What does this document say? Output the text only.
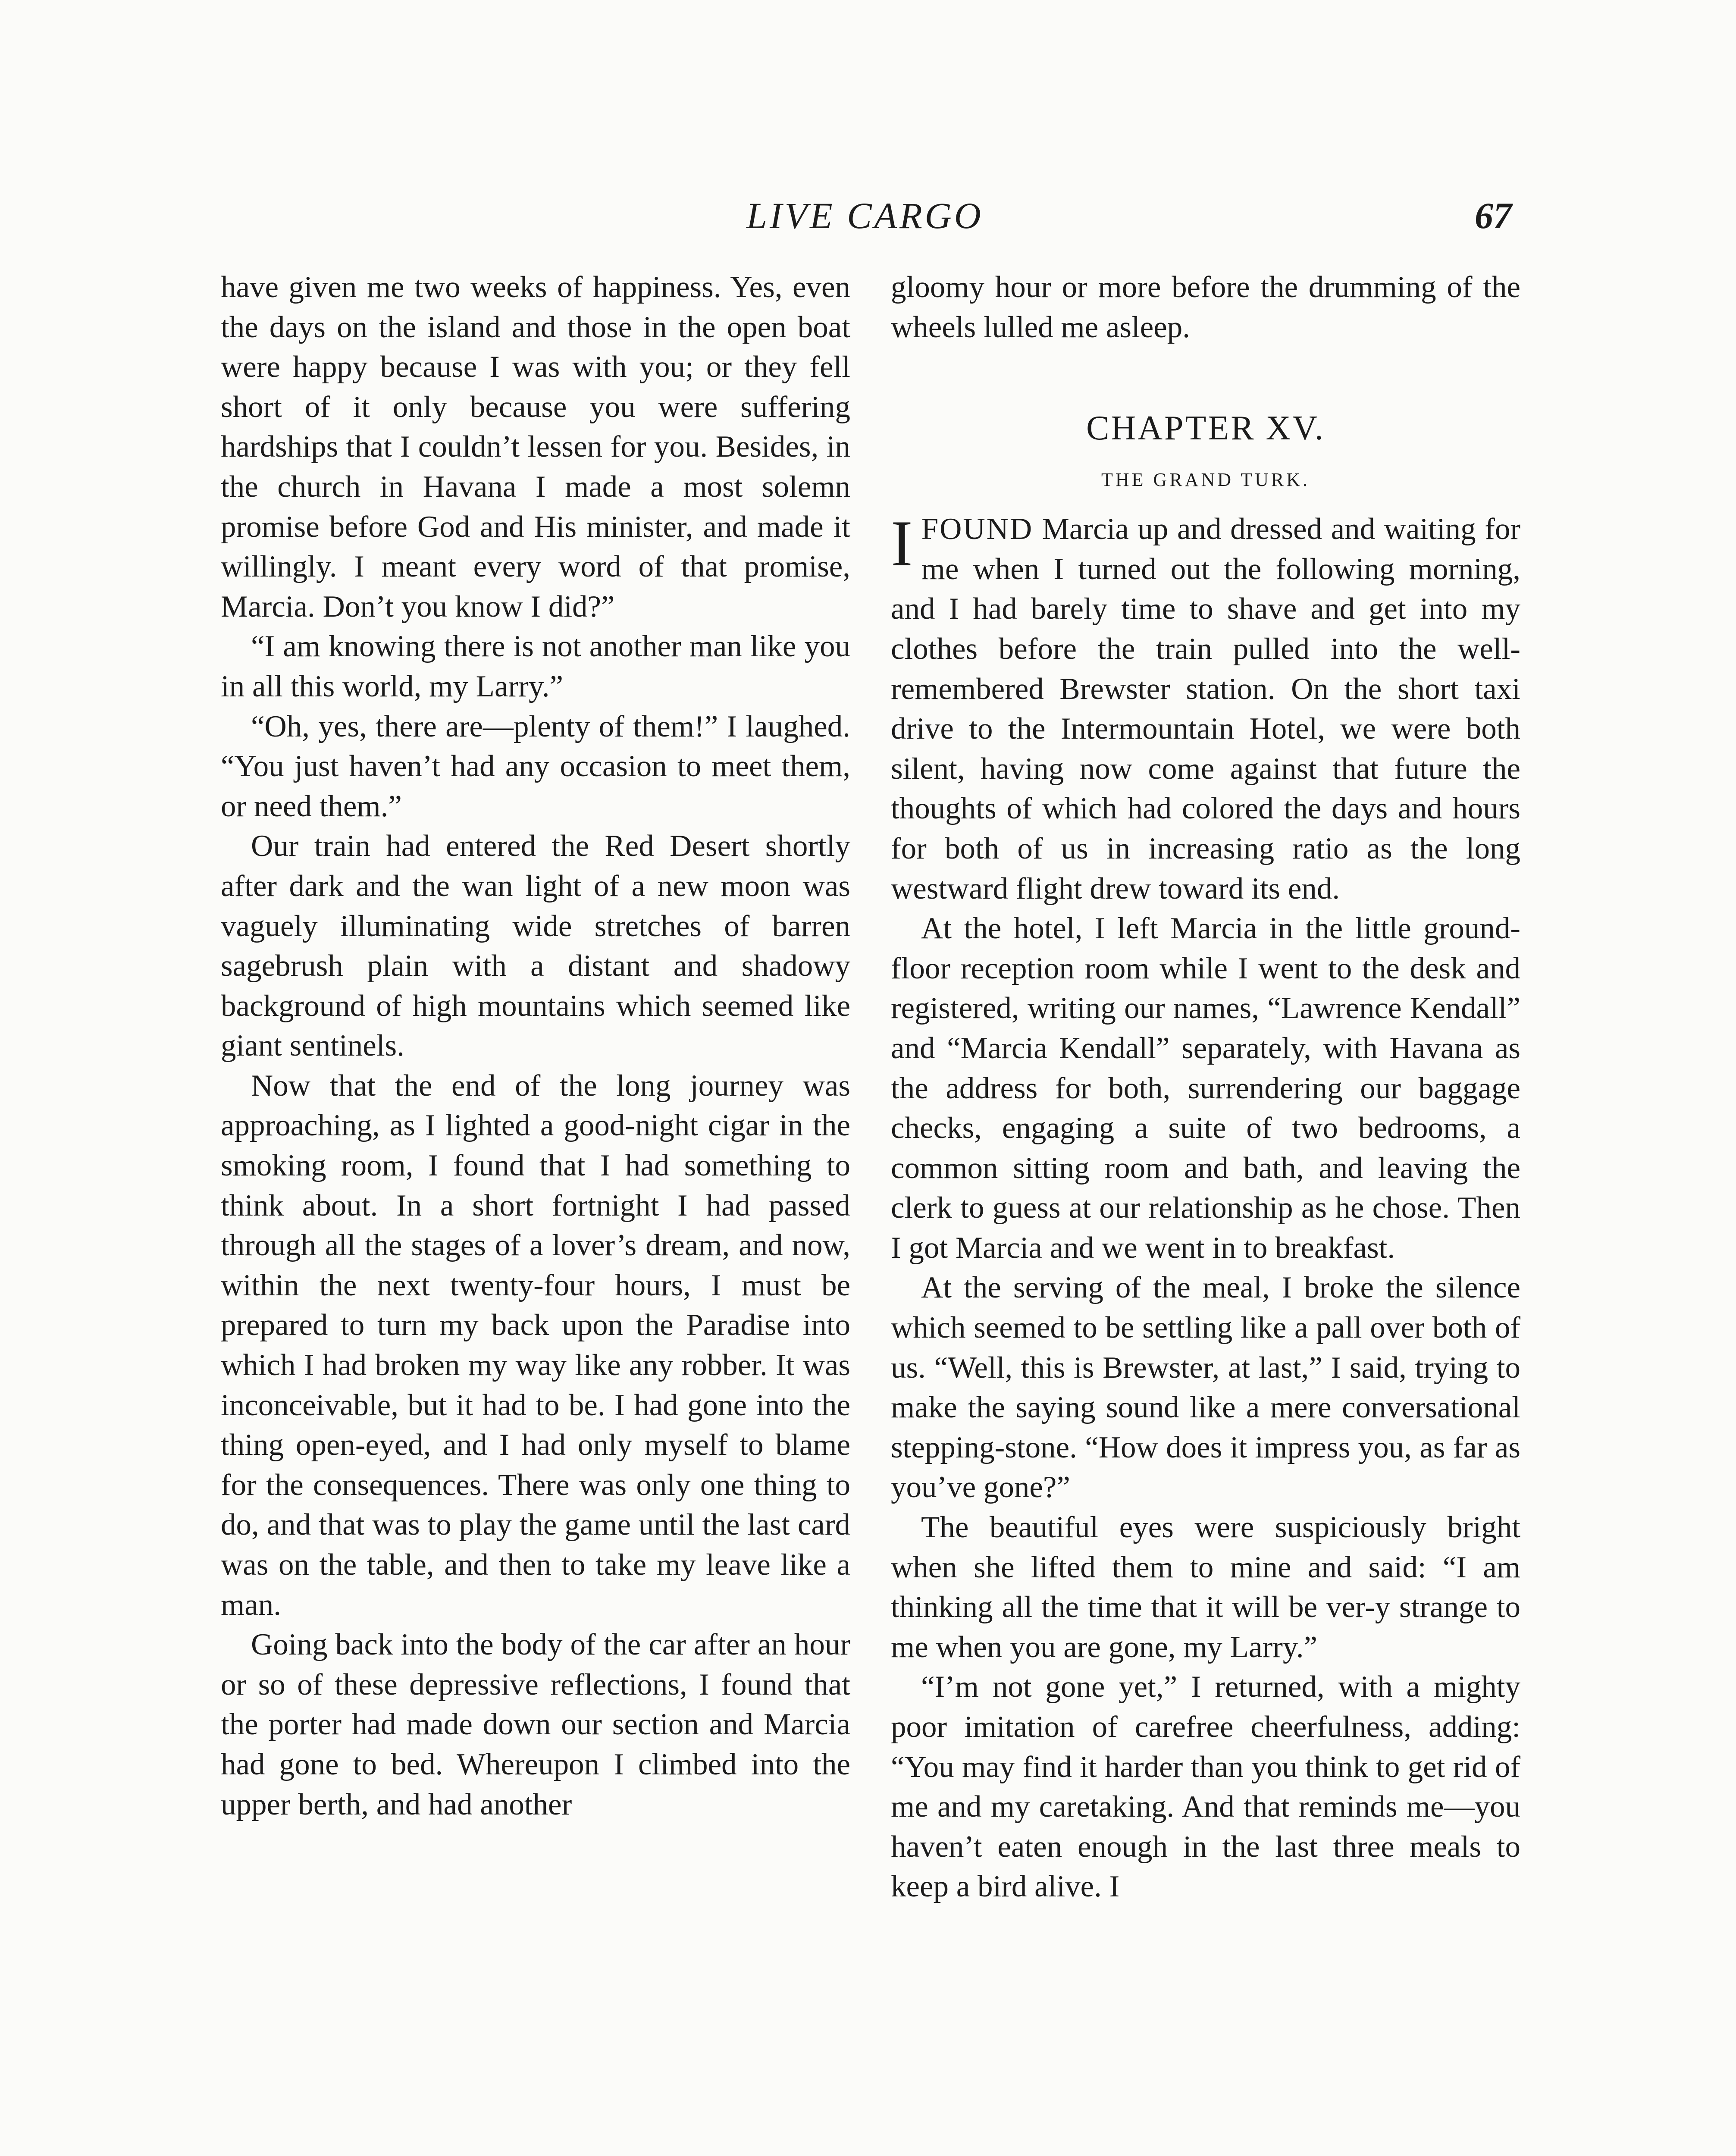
LIVE CARGO	67

have given me two weeks of happiness. Yes, even the days on the island and those in the open boat were happy because I was with you; or they fell short of it only because you were suffering hardships that I couldn’t lessen for you. Besides, in the church in Havana I made a most solemn promise before God and His minister, and made it willingly. I meant every word of that promise, Marcia. Don’t you know I did?”

“I am knowing there is not another man like you in all this world, my Larry.”

“Oh, yes, there are—plenty of them!” I laughed. “You just haven’t had any occasion to meet them, or need them.”

Our train had entered the Red Desert shortly after dark and the wan light of a new moon was vaguely illuminating wide stretches of barren sagebrush plain with a distant and shadowy background of high mountains which seemed like giant sentinels.

Now that the end of the long journey was approaching, as I lighted a good-night cigar in the smoking room, I found that I had something to think about. In a short fortnight I had passed through all the stages of a lover’s dream, and now, within the next twenty-four hours, I must be prepared to turn my back upon the Paradise into which I had broken my way like any robber. It was inconceivable, but it had to be. I had gone into the thing open-eyed, and I had only myself to blame for the consequences. There was only one thing to do, and that was to play the game until the last card was on the table, and then to take my leave like a man.

Going back into the body of the car after an hour or so of these depressive reflections, I found that the porter had made down our section and Marcia had gone to bed. Whereupon I climbed into the upper berth, and had another

gloomy hour or more before the drumming of the wheels lulled me asleep.

CHAPTER XV.
THE GRAND TURK.

IFOUND Marcia up and dressed and waiting for me when I turned out the following morning, and I had barely time to shave and get into my clothes before the train pulled into the well-remembered Brewster station. On the short taxi drive to the Intermountain Hotel, we were both silent, having now come against that future the thoughts of which had colored the days and hours for both of us in increasing ratio as the long westward flight drew toward its end.

At the hotel, I left Marcia in the little ground-floor reception room while I went to the desk and registered, writing our names, “Lawrence Kendall” and “Marcia Kendall” separately, with Havana as the address for both, surrendering our baggage checks, engaging a suite of two bedrooms, a common sitting room and bath, and leaving the clerk to guess at our relationship as he chose. Then I got Marcia and we went in to breakfast.

At the serving of the meal, I broke the silence which seemed to be settling like a pall over both of us. “Well, this is Brewster, at last,” I said, trying to make the saying sound like a mere conversational stepping-stone. “How does it impress you, as far as you’ve gone?”

The beautiful eyes were suspiciously bright when she lifted them to mine and said: “I am thinking all the time that it will be ver-y strange to me when you are gone, my Larry.”

“I’m not gone yet,” I returned, with a mighty poor imitation of carefree cheerfulness, adding: “You may find it harder than you think to get rid of me and my caretaking. And that reminds me—you haven’t eaten enough in the last three meals to keep a bird alive. I
